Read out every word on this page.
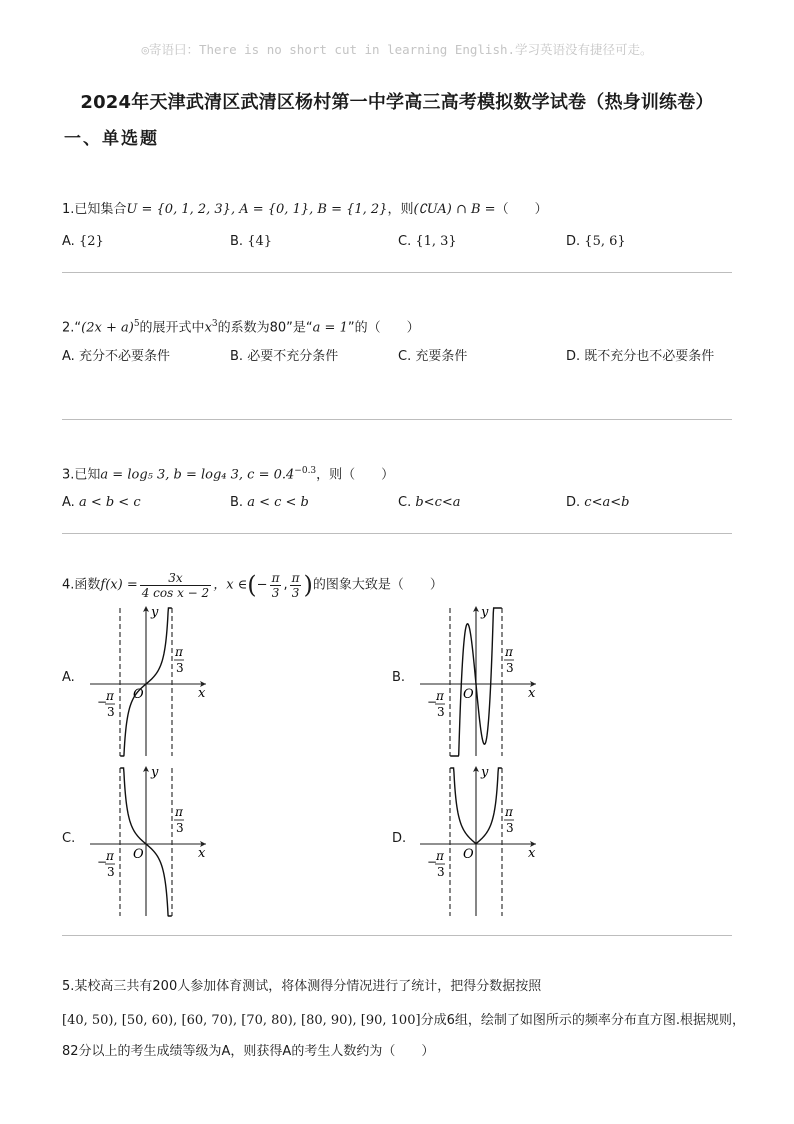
◎寄语曰：There is no short cut in learning English.学习英语没有捷径可走。
2024年天津武清区武清区杨村第一中学高三高考模拟数学试卷（热身训练卷）
一、单选题
1.已知集合U = {0, 1, 2, 3}, A = {0, 1}, B = {1, 2}，则(∁UA) ∩ B =（　　）
A. {2}	B. {4}	C. {1, 3}	D. {5, 6}
2.“(2x + a)$^5$的展开式中$x^3$的系数为80”是“a = 1”的（　　）
A. 充分不必要条件	B. 必要不充分条件	C. 充要条件	D. 既不充分也不必要条件
3.已知a = log₅ 3, b = log₄ 3, $c = 0.4^{-0.3}$，则（　　）
A. a < b < c	B. a < c < b	C. b<c<a	D. c<a<b
4.函数$f(x) = \frac{3x}{\text{4 cos x − 2}}$ ，x ∈(− $\frac{\pi}{3}$ , $\frac{\pi}{3}$ )的图象大致是（　　）
A.	B.
C.	D.
y
x
O
π
3
−
π
3
y
x
O
π
3
−
π
3
y
x
O
π
3
−
π
3
y
x
O
π
3
−
π
3
5.某校高三共有200人参加体育测试，将体测得分情况进行了统计，把得分数据按照
[40, 50), [50, 60), [60, 70), [70, 80), [80, 90), [90, 100]分成6组，绘制了如图所示的频率分布直方图.根据规则，
82分以上的考生成绩等级为A，则获得A的考生人数约为（　　）
